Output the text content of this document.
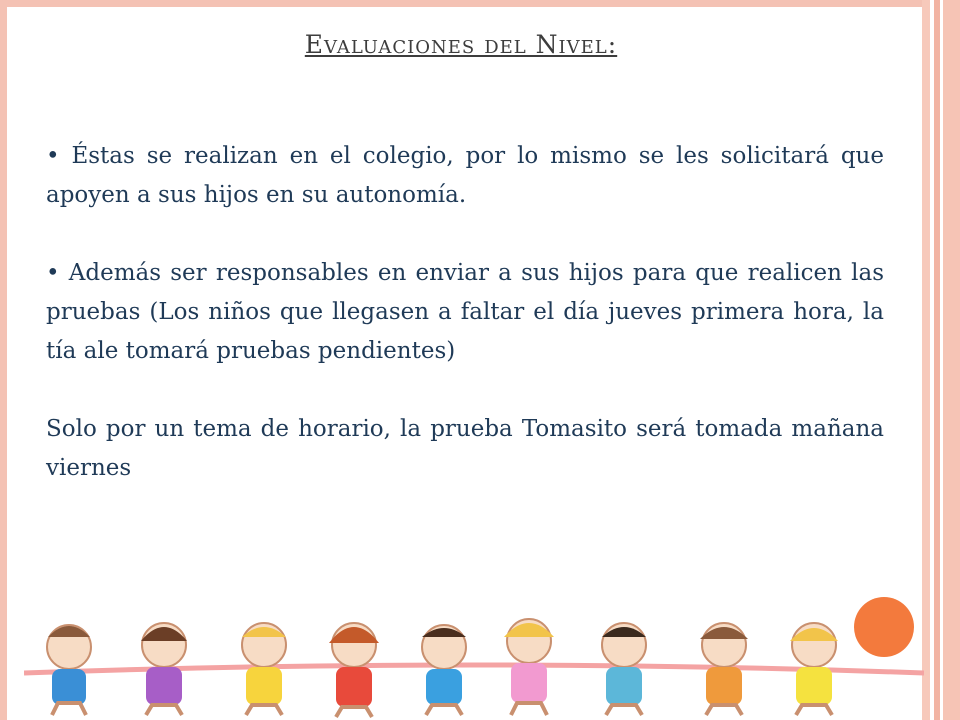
Evaluaciones del Nivel:

• Éstas se realizan en el colegio, por lo mismo se les solicitará que apoyen a sus hijos en su autonomía.

• Además ser responsables en enviar a sus hijos para que realicen las pruebas (Los niños que llegasen a faltar el día jueves primera hora, la tía ale tomará pruebas pendientes)

Solo por un tema de horario, la prueba Tomasito será tomada mañana viernes
